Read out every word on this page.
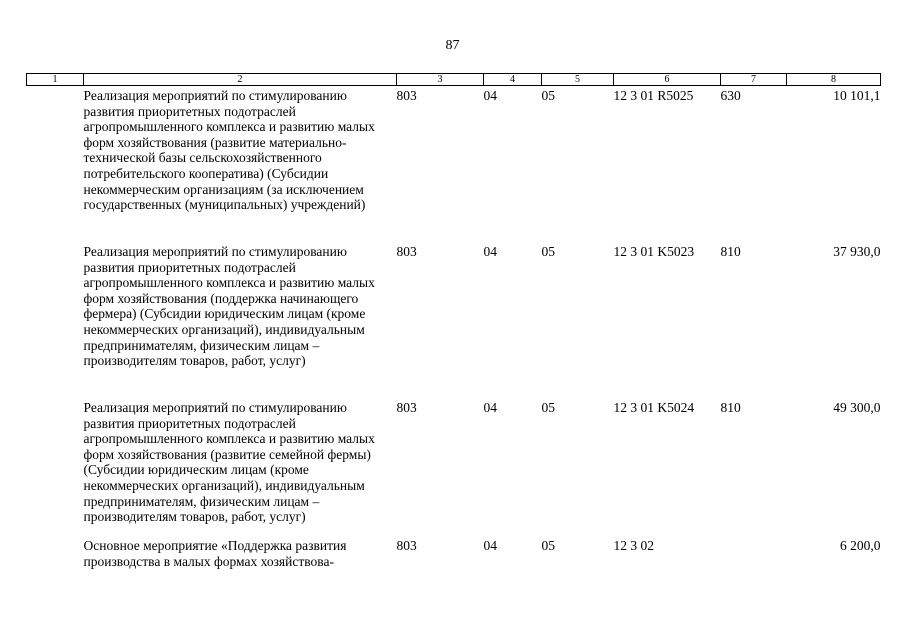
87
1	2	3	4	5	6	7	8
	Реализация мероприятий по стимулированию развития приоритетных подотраслей агропромышленного комплекса и развитию малых форм хозяйствования (развитие материально-технической базы сельскохозяйственного потребительского кооператива) (Субсидии некоммерческим организациям (за исключением государственных (муниципальных) учреждений)	803	04	05	12 3 01 R5025	630	10 101,1
	Реализация мероприятий по стимулированию развития приоритетных подотраслей агропромышленного комплекса и развитию малых форм хозяйствования (поддержка начинающего фермера) (Субсидии юридическим лицам (кроме некоммерческих организаций), индивидуальным предпринимателям, физическим лицам – производителям товаров, работ, услуг)	803	04	05	12 3 01 K5023	810	37 930,0
	Реализация мероприятий по стимулированию развития приоритетных подотраслей агропромышленного комплекса и развитию малых форм хозяйствования (развитие семейной фермы) (Субсидии юридическим лицам (кроме некоммерческих организаций), индивидуальным предпринимателям, физическим лицам – производителям товаров, работ, услуг)	803	04	05	12 3 01 K5024	810	49 300,0
	Основное мероприятие «Поддержка развития производства в малых формах хозяйствова-	803	04	05	12 3 02		6 200,0
